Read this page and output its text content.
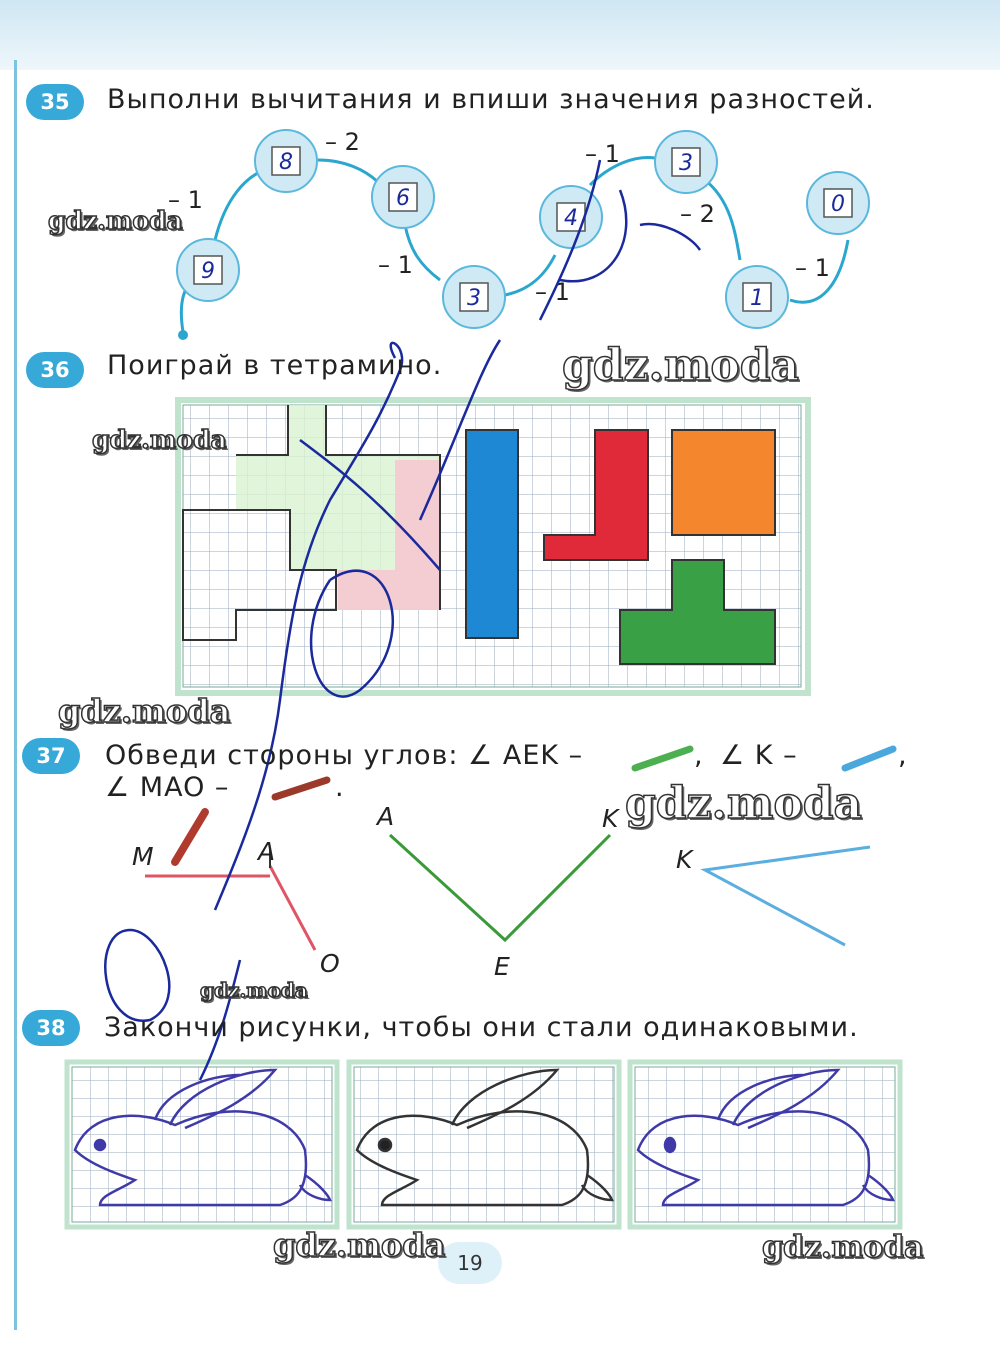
9
8
6
3
4
3
1
0
– 1
– 2
– 1
– 1
– 1
– 2
– 1
M	A
O
A
E
K
K
35	Выполни вычитания и впиши значения разностей.
36	Поиграй в тетрамино.
37	Обведи стороны углов: ∠ AEK –	, ∠ K –	,
∠ MAO –	.
38	Закончи рисунки, чтобы они стали одинаковыми.
19
gdz.moda
gdz.moda
gdz.moda
gdz.moda
gdz.moda
gdz.moda
gdz.moda	gdz.moda
